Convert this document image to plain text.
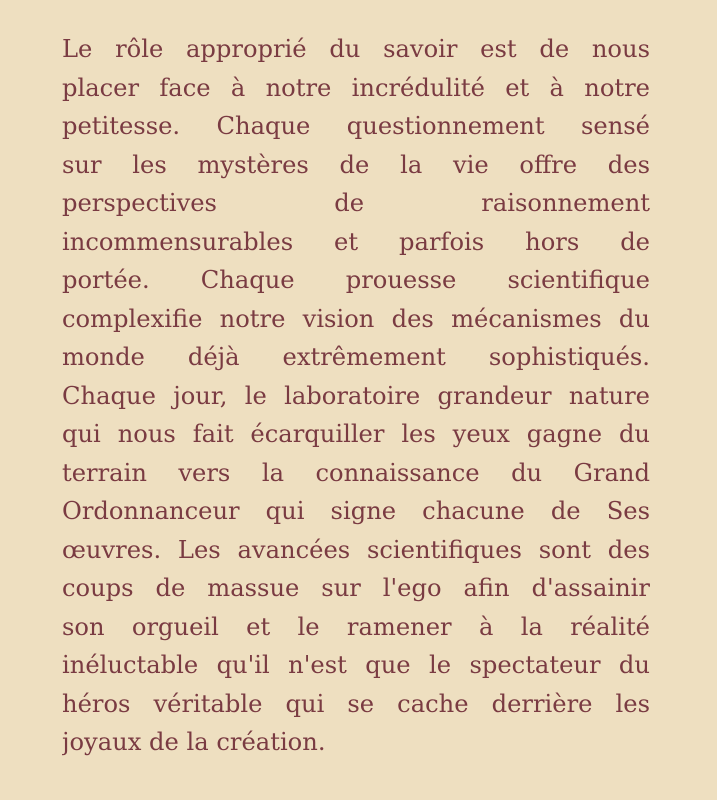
Le rôle approprié du savoir est de nous
placer face à notre incrédulité et à notre
petitesse. Chaque questionnement sensé
sur les mystères de la vie offre des
perspectives de raisonnement
incommensurables et parfois hors de
portée. Chaque prouesse scientifique
complexifie notre vision des mécanismes du
monde déjà extrêmement sophistiqués.
Chaque jour, le laboratoire grandeur nature
qui nous fait écarquiller les yeux gagne du
terrain vers la connaissance du Grand
Ordonnanceur qui signe chacune de Ses
œuvres. Les avancées scientifiques sont des
coups de massue sur l'ego afin d'assainir
son orgueil et le ramener à la réalité
inéluctable qu'il n'est que le spectateur du
héros véritable qui se cache derrière les
joyaux de la création.
